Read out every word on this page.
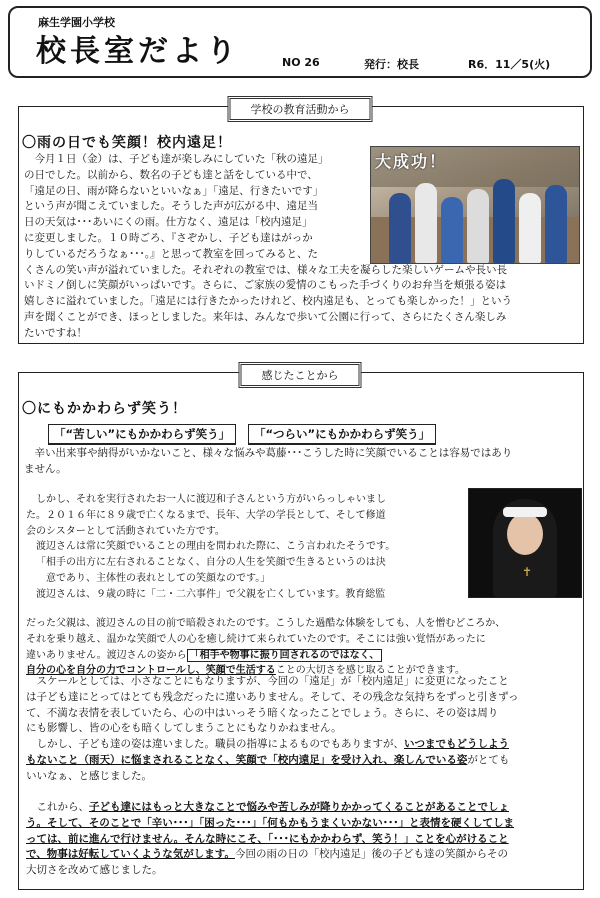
麻生学園小学校
校長室だより	NO 26	発行：校長	R6．11／5(火)
学校の教育活動から
〇雨の日でも笑顔！校内遠足！
大成功！
今月１日（金）は、子ども達が楽しみにしていた「秋の遠足」
の日でした。以前から、数名の子ども達と話をしている中で、
「遠足の日、雨が降らないといいなぁ」「遠足、行きたいです」
という声が聞こえていました。そうした声が広がる中、遠足当
日の天気は･･･あいにくの雨。仕方なく、遠足は「校内遠足」
に変更しました。１０時ごろ、『さぞかし、子ども達はがっか
りしているだろうなぁ･･･。』と思って教室を回ってみると、た
くさんの笑い声が溢れていました。それぞれの教室では、様々な工夫を凝らした楽しいゲームや長い長
いドミノ倒しに笑顔がいっぱいです。さらに、ご家族の愛情のこもった手づくりのお弁当を頬張る姿は
嬉しさに溢れていました。「遠足には行きたかったけれど、校内遠足も、とっても楽しかった！」という
声を聞くことができ、ほっとしました。来年は、みんなで歩いて公園に行って、さらにたくさん楽しみ
たいですね！
感じたことから
〇にもかかわらず笑う！
「“苦しい”にもかかわらず笑う」	「“つらい”にもかかわらず笑う」
辛い出来事や納得がいかないこと、様々な悩みや葛藤･･･こうした時に笑顔でいることは容易ではあり
ません。
✝
しかし、それを実行されたお一人に渡辺和子さんという方がいらっしゃいまし
た。２０１６年に８９歳で亡くなるまで、長年、大学の学長として、そして修道
会のシスターとして活動されていた方です。
渡辺さんは常に笑顔でいることの理由を問われた際に、こう言われたそうです。
「相手の出方に左右されることなく、自分の人生を笑顔で生きるというのは決
意であり、主体性の表れとしての笑顔なのです。」
渡辺さんは、９歳の時に「二・二六事件」で父親を亡くしています。教育総監
だった父親は、渡辺さんの目の前で暗殺されたのです。こうした過酷な体験をしても、人を憎むどころか、
それを乗り越え、温かな笑顔で人の心を癒し続けて来られていたのです。そこには強い覚悟があったに
違いありません。渡辺さんの姿から 「相手や物事に振り回されるのではなく、
自分の心を自分の力でコントロールし、笑顔で生活することの大切さを感じ取ることができます。
スケールとしては、小さなことにもなりますが、今回の「遠足」が「校内遠足」に変更になったこと
は子ども達にとってはとても残念だったに違いありません。そして、その残念な気持ちをずっと引きずっ
て、不満な表情を表していたら、心の中はいっそう暗くなったことでしょう。さらに、その姿は周り
にも影響し、皆の心をも暗くしてしまうことにもなりかねません。
しかし、子ども達の姿は違いました。職員の指導によるものでもありますが、いつまでもどうしよう
もないこと（雨天）に悩まされることなく、笑顔で「校内遠足」を受け入れ、楽しんでいる姿がとても
いいなぁ、と感じました。
これから、子ども達にはもっと大きなことで悩みや苦しみが降りかかってくることがあることでしょ
う。そして、そのことで「辛い･･･」「困った･･･」「何もかもうまくいかない･･･」と表情を硬くしてしま
っては、前に進んで行けません。そんな時にこそ、「･･･にもかかわらず、笑う！」ことを心がけること
で、物事は好転していくような気がします。今回の雨の日の「校内遠足」後の子ども達の笑顔からその
大切さを改めて感じました。
